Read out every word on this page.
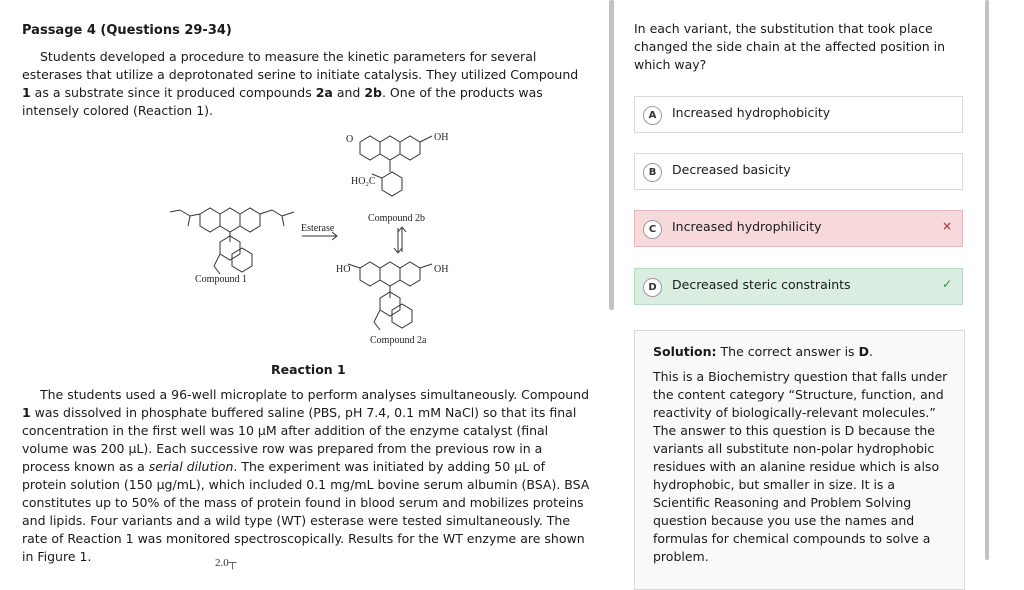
Passage 4 (Questions 29-34)

Students developed a procedure to measure the kinetic parameters for several esterases that utilize a deprotonated serine to initiate catalysis. They utilized Compound 1 as a substrate since it produced compounds 2a and 2b. One of the products was intensely colored (Reaction 1).

Compound 1
Esterase
Compound 2b
Compound 2a
OH
HO₂C
HO	OH
O
Reaction 1

The students used a 96-well microplate to perform analyses simultaneously. Compound 1 was dissolved in phosphate buffered saline (PBS, pH 7.4, 0.1 mM NaCl) so that its final concentration in the first well was 10 µM after addition of the enzyme catalyst (final volume was 200 µL). Each successive row was prepared from the previous row in a process known as a serial dilution. The experiment was initiated by adding 50 µL of protein solution (150 µg/mL), which included 0.1 mg/mL bovine serum albumin (BSA). BSA constitutes up to 50% of the mass of protein found in blood serum and mobilizes proteins and lipids. Four variants and a wild type (WT) esterase were tested simultaneously. The rate of Reaction 1 was monitored spectroscopically. Results for the WT enzyme are shown in Figure 1.	2.0┬

In each variant, the substitution that took place changed the side chain at the affected position in which way?

A	Increased hydrophobicity
B	Decreased basicity
C	Increased hydrophilicity	×
D	Decreased steric constraints	✓

Solution: The correct answer is D.

This is a Biochemistry question that falls under the content category “Structure, function, and reactivity of biologically-relevant molecules.” The answer to this question is D because the variants all substitute non-polar hydrophobic residues with an alanine residue which is also hydrophobic, but smaller in size. It is a Scientific Reasoning and Problem Solving question because you use the names and formulas for chemical compounds to solve a problem.
